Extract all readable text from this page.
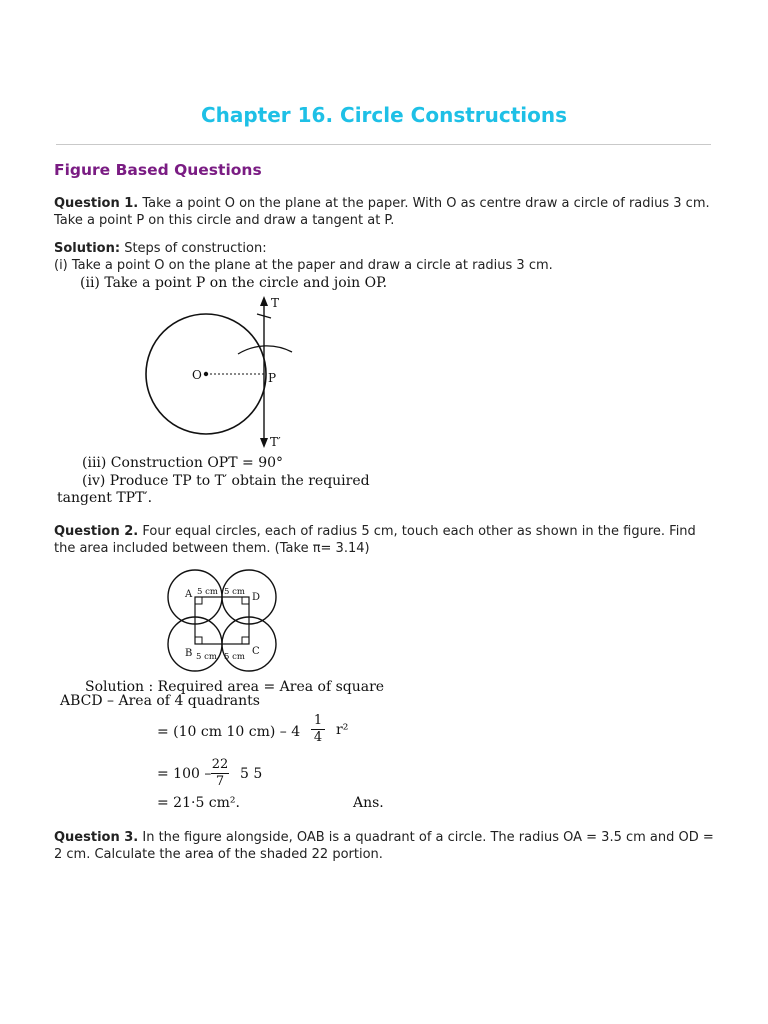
Chapter 16. Circle Constructions
Figure Based Questions
Question 1. Take a point O on the plane at the paper. With O as centre draw a circle of radius 3 cm. Take a point P on this circle and draw a tangent at P.
Solution: Steps of construction:
(i) Take a point O on the plane at the paper and draw a circle at radius 3 cm.
(ii) Take a point P on the circle and join OP.
O	P
T
T′
(iii) Construction OPT = 90°
(iv) Produce TP to T′ obtain the required
tangent TPT′.
Question 2. Four equal circles, each of radius 5 cm, touch each other as shown in the figure. Find the area included between them. (Take π= 3.14)
A	D
B	C
5 cm 5 cm
5 cm 5 cm
Solution : Required area = Area of square
ABCD – Area of 4 quadrants
= (10 cm 10 cm) – 4
1
4 r²
= 100 –
22
7	5 5
= 21·5 cm².	Ans.
Question 3. In the figure alongside, OAB is a quadrant of a circle. The radius OA = 3.5 cm and OD = 2 cm. Calculate the area of the shaded 22 portion.
